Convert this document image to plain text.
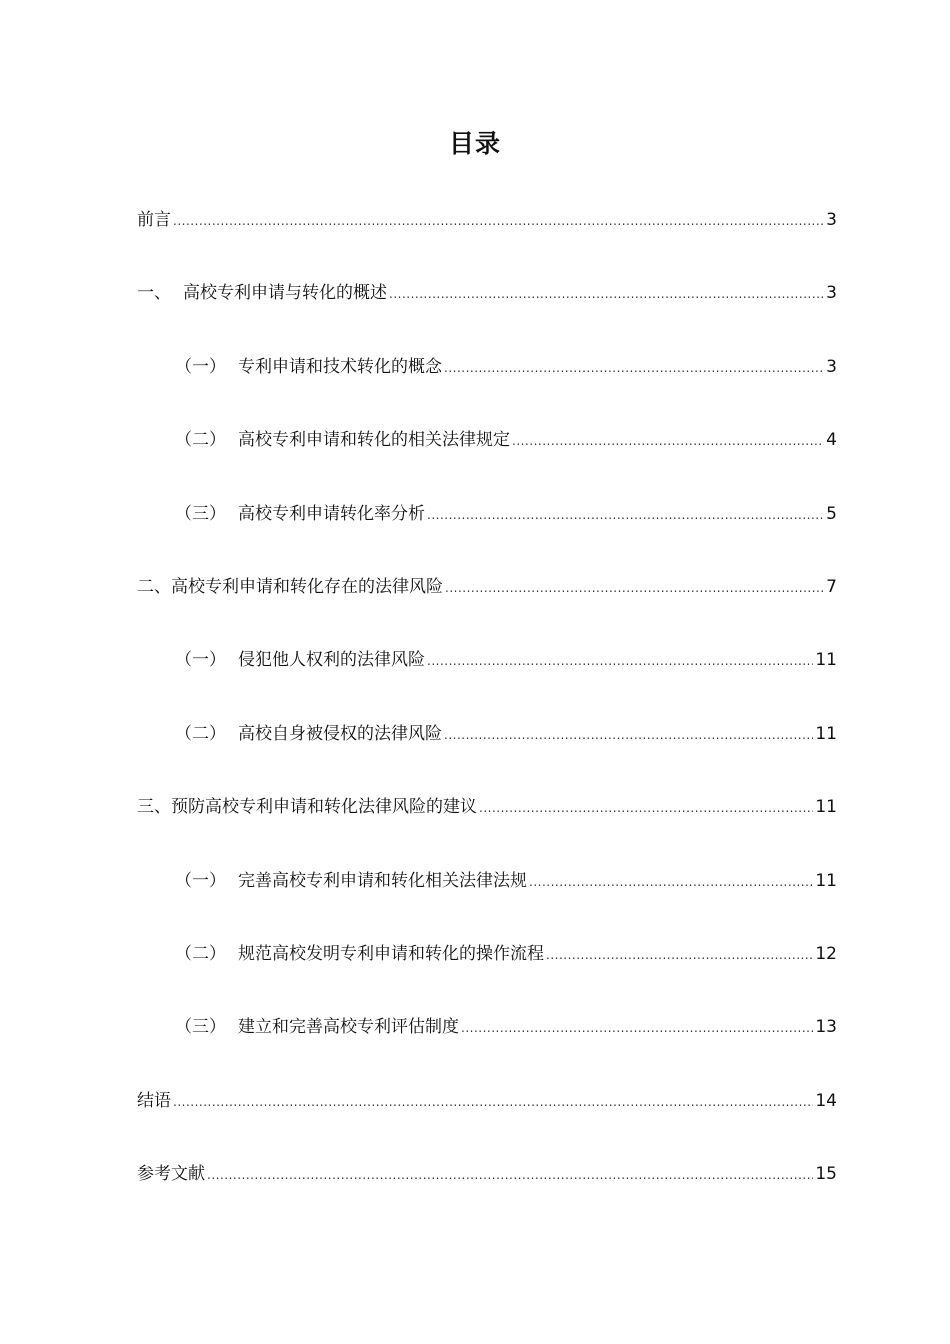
目录
前言 .....	3
一、 高校专利申请与转化的概述 .....	3
（一） 专利申请和技术转化的概念 .....	3
（二） 高校专利申请和转化的相关法律规定 .....	4
（三） 高校专利申请转化率分析 .....	5
二、高校专利申请和转化存在的法律风险 .....	7
（一） 侵犯他人权利的法律风险 .....	11
（二） 高校自身被侵权的法律风险 .....	11
三、预防高校专利申请和转化法律风险的建议 .....	11
（一） 完善高校专利申请和转化相关法律法规 .....	11
（二） 规范高校发明专利申请和转化的操作流程 .....	12
（三） 建立和完善高校专利评估制度 .....	13
结语 .....	14
参考文献 .....	15
